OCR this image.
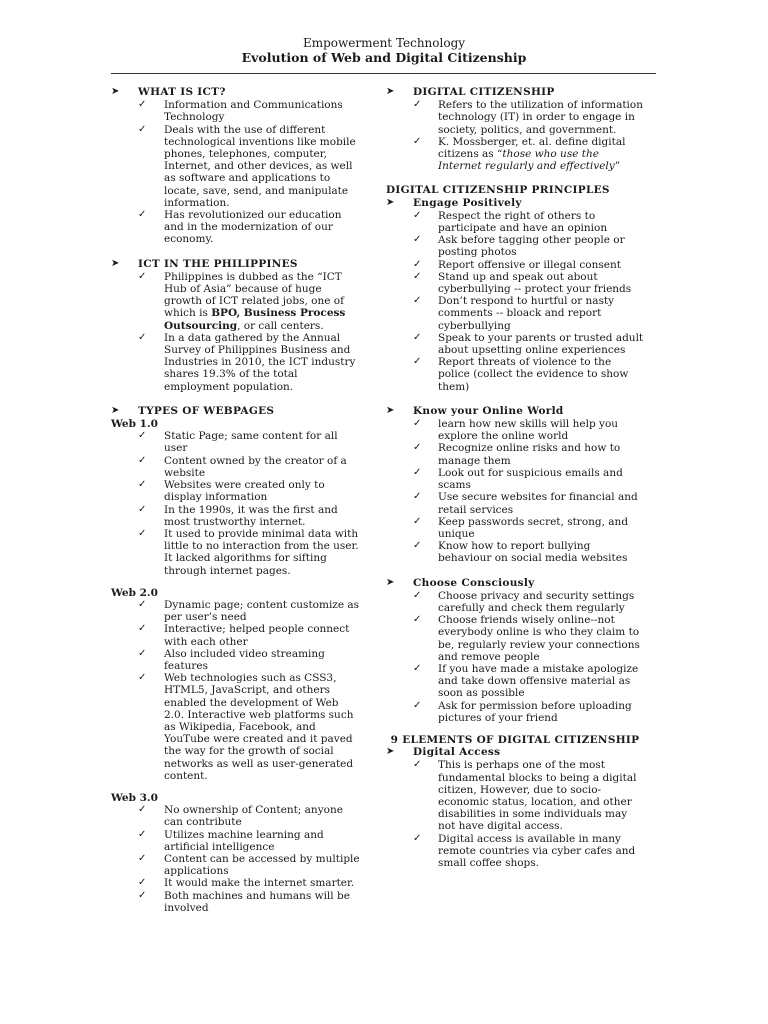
Empowerment Technology
Evolution of Web and Digital Citizenship
➤ WHAT IS ICT?
✓ Information and Communications Technology
✓ Deals with the use of different technological inventions like mobile phones, telephones, computer, Internet, and other devices, as well as software and applications to locate, save, send, and manipulate information.
✓ Has revolutionized our education and in the modernization of our economy.
➤ ICT IN THE PHILIPPINES
✓ Philippines is dubbed as the “ICT Hub of Asia” because of huge growth of ICT related jobs, one of which is BPO, Business Process Outsourcing, or call centers.
✓ In a data gathered by the Annual Survey of Philippines Business and Industries in 2010, the ICT industry shares 19.3% of the total employment population.
➤ TYPES OF WEBPAGES
Web 1.0
✓ Static Page; same content for all user
✓ Content owned by the creator of a website
✓ Websites were created only to display information
✓ In the 1990s, it was the first and most trustworthy internet.
✓ It used to provide minimal data with little to no interaction from the user. It lacked algorithms for sifting through internet pages.
Web 2.0
✓ Dynamic page; content customize as per user’s need
✓ Interactive; helped people connect with each other
✓ Also included video streaming features
✓ Web technologies such as CSS3, HTML5, JavaScript, and others enabled the development of Web 2.0. Interactive web platforms such as Wikipedia, Facebook, and YouTube were created and it paved the way for the growth of social networks as well as user-generated content.
Web 3.0
✓ No ownership of Content; anyone can contribute
✓ Utilizes machine learning and artificial intelligence
✓ Content can be accessed by multiple applications
✓ It would make the internet smarter.
✓ Both machines and humans will be involved
➤ DIGITAL CITIZENSHIP
✓ Refers to the utilization of information technology (IT) in order to engage in society, politics, and government.
✓ K. Mossberger, et. al. define digital citizens as “those who use the Internet regularly and effectively”
DIGITAL CITIZENSHIP PRINCIPLES
➤ Engage Positively
✓ Respect the right of others to participate and have an opinion
✓ Ask before tagging other people or posting photos
✓ Report offensive or illegal consent
✓ Stand up and speak out about cyberbullying -- protect your friends
✓ Don’t respond to hurtful or nasty comments -- bloack and report cyberbullying
✓ Speak to your parents or trusted adult about upsetting online experiences
✓ Report threats of violence to the police (collect the evidence to show them)
➤ Know your Online World
✓ learn how new skills will help you explore the online world
✓ Recognize online risks and how to manage them
✓ Look out for suspicious emails and scams
✓ Use secure websites for financial and retail services
✓ Keep passwords secret, strong, and unique
✓ Know how to report bullying behaviour on social media websites
➤ Choose Consciously
✓ Choose privacy and security settings carefully and check them regularly
✓ Choose friends wisely online--not everybody online is who they claim to be, regularly review your connections and remove people
✓ If you have made a mistake apologize and take down offensive material as soon as possible
✓ Ask for permission before uploading pictures of your friend
9 ELEMENTS OF DIGITAL CITIZENSHIP
➤ Digital Access
✓ This is perhaps one of the most fundamental blocks to being a digital citizen, However, due to socio-economic status, location, and other disabilities in some individuals may not have digital access.
✓ Digital access is available in many remote countries via cyber cafes and small coffee shops.
